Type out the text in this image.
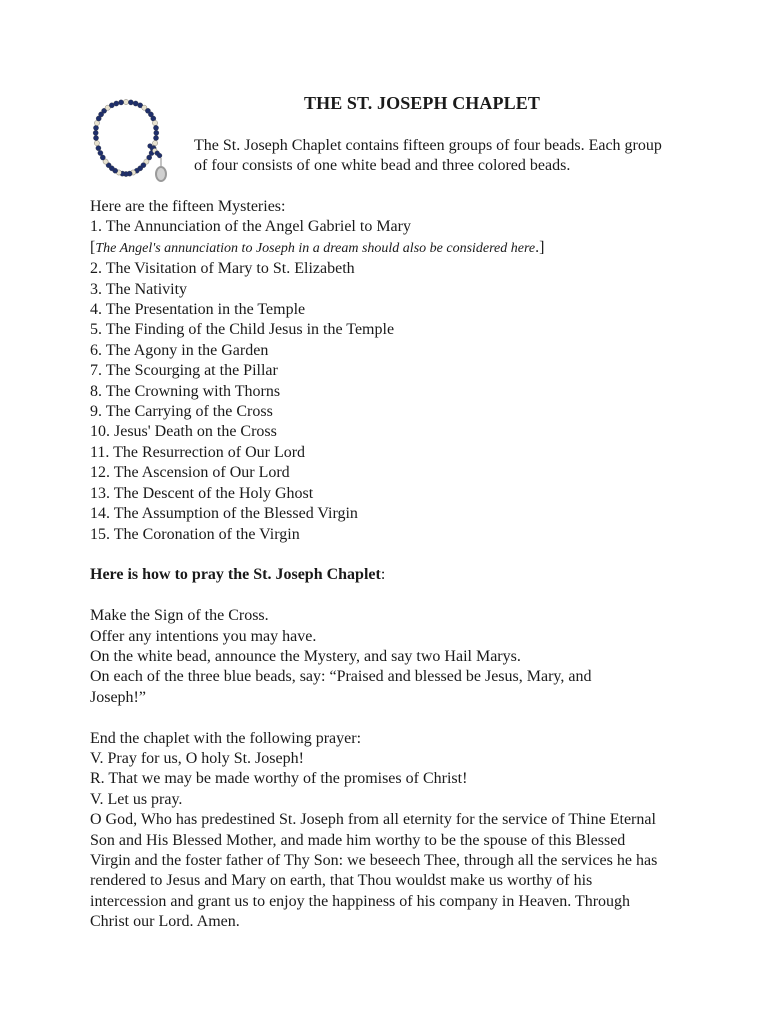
THE ST. JOSEPH CHAPLET

The St. Joseph Chaplet contains fifteen groups of four beads. Each group of four consists of one white bead and three colored beads.

Here are the fifteen Mysteries:
1. The Annunciation of the Angel Gabriel to Mary
[The Angel's annunciation to Joseph in a dream should also be considered here.]
2. The Visitation of Mary to St. Elizabeth
3. The Nativity
4. The Presentation in the Temple
5. The Finding of the Child Jesus in the Temple
6. The Agony in the Garden
7. The Scourging at the Pillar
8. The Crowning with Thorns
9. The Carrying of the Cross
10. Jesus' Death on the Cross
11. The Resurrection of Our Lord
12. The Ascension of Our Lord
13. The Descent of the Holy Ghost
14. The Assumption of the Blessed Virgin
15. The Coronation of the Virgin
Here is how to pray the St. Joseph Chaplet:
Make the Sign of the Cross.
Offer any intentions you may have.
On the white bead, announce the Mystery, and say two Hail Marys.
On each of the three blue beads, say: “Praised and blessed be Jesus, Mary, and Joseph!”
End the chaplet with the following prayer:
V. Pray for us, O holy St. Joseph!
R. That we may be made worthy of the promises of Christ!
V. Let us pray.
O God, Who has predestined St. Joseph from all eternity for the service of Thine Eternal Son and His Blessed Mother, and made him worthy to be the spouse of this Blessed Virgin and the foster father of Thy Son: we beseech Thee, through all the services he has rendered to Jesus and Mary on earth, that Thou wouldst make us worthy of his intercession and grant us to enjoy the happiness of his company in Heaven. Through Christ our Lord. Amen.
